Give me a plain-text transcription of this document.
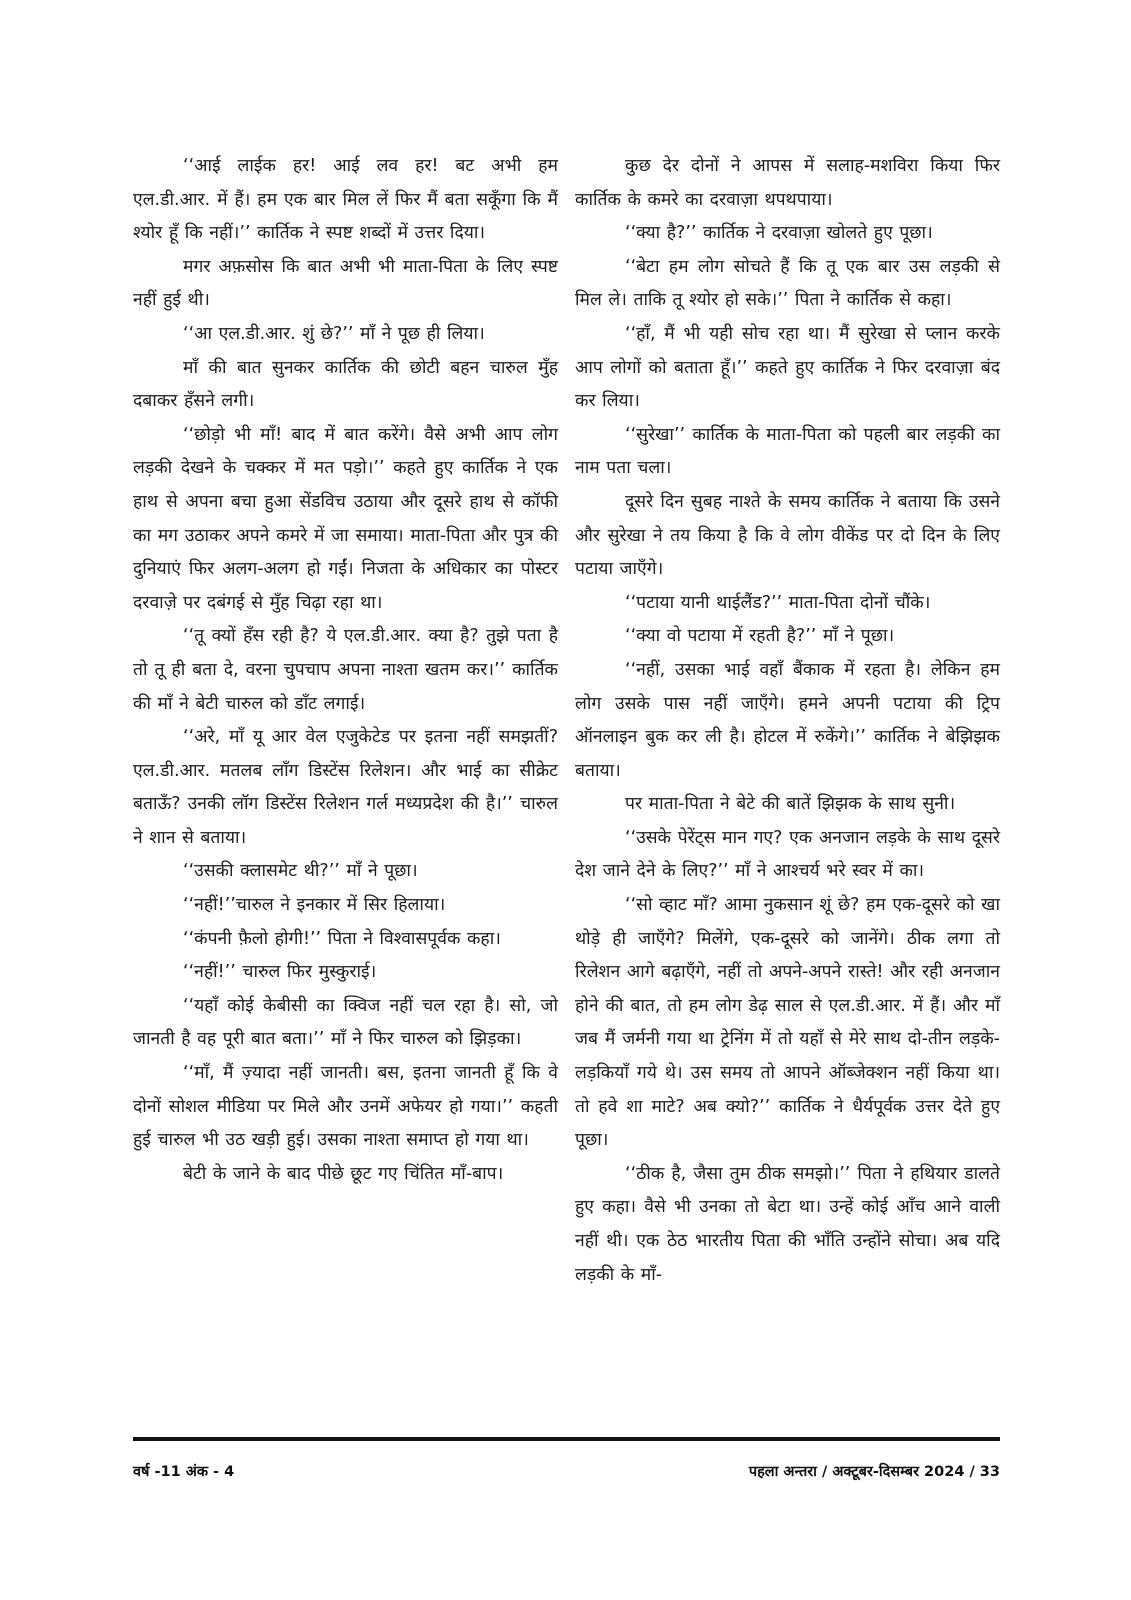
‘‘आई लाईक हर! आई लव हर! बट अभी हम एल.डी.आर. में हैं। हम एक बार मिल लें फिर मैं बता सकूँगा कि मैं श्योर हूँ कि नहीं।’’ कार्तिक ने स्पष्ट शब्दों में उत्तर दिया।

मगर अफ़सोस कि बात अभी भी माता-पिता के लिए स्पष्ट नहीं हुई थी।

‘‘आ एल.डी.आर. शुं छे?’’ माँ ने पूछ ही लिया।

माँ की बात सुनकर कार्तिक की छोटी बहन चारुल मुँह दबाकर हँसने लगी।

‘‘छोड़ो भी माँ! बाद में बात करेंगे। वैसे अभी आप लोग लड़की देखने के चक्कर में मत पड़ो।’’ कहते हुए कार्तिक ने एक हाथ से अपना बचा हुआ सेंडविच उठाया और दूसरे हाथ से कॉफी का मग उठाकर अपने कमरे में जा समाया। माता-पिता और पुत्र की दुनियाएं फिर अलग-अलग हो गईं। निजता के अधिकार का पोस्टर दरवाज़े पर दबंगई से मुँह चिढ़ा रहा था।

‘‘तू क्यों हँस रही है? ये एल.डी.आर. क्या है? तुझे पता है तो तू ही बता दे, वरना चुपचाप अपना नाश्ता खतम कर।’’ कार्तिक की माँ ने बेटी चारुल को डाँट लगाई।

‘‘अरे, माँ यू आर वेल एजुकेटेड पर इतना नहीं समझतीं? एल.डी.आर. मतलब लाँग डिस्टेंस रिलेशन। और भाई का सीक्रेट बताऊँ? उनकी लॉग डिस्टेंस रिलेशन गर्ल मध्यप्रदेश की है।’’ चारुल ने शान से बताया।

‘‘उसकी क्लासमेट थी?’’ माँ ने पूछा।

‘‘नहीं!’’चारुल ने इनकार में सिर हिलाया।

‘‘कंपनी फ़ैलो होगी!’’ पिता ने विश्वासपूर्वक कहा।

‘‘नहीं!’’ चारुल फिर मुस्कुराई।

‘‘यहाँ कोई केबीसी का क्विज नहीं चल रहा है। सो, जो जानती है वह पूरी बात बता।’’ माँ ने फिर चारुल को झिड़का।

‘‘माँ, मैं ज़्यादा नहीं जानती। बस, इतना जानती हूँ कि वे दोनों सोशल मीडिया पर मिले और उनमें अफेयर हो गया।’’ कहती हुई चारुल भी उठ खड़ी हुई। उसका नाश्ता समाप्त हो गया था।

बेटी के जाने के बाद पीछे छूट गए चिंतित माँ-बाप।

कुछ देर दोनों ने आपस में सलाह-मशविरा किया फिर कार्तिक के कमरे का दरवाज़ा थपथपाया।

‘‘क्या है?’’ कार्तिक ने दरवाज़ा खोलते हुए पूछा।

‘‘बेटा हम लोग सोचते हैं कि तू एक बार उस लड़की से मिल ले। ताकि तू श्योर हो सके।’’ पिता ने कार्तिक से कहा।

‘‘हाँ, मैं भी यही सोच रहा था। मैं सुरेखा से प्लान करके आप लोगों को बताता हूँ।’’ कहते हुए कार्तिक ने फिर दरवाज़ा बंद कर लिया।

‘‘सुरेखा’’ कार्तिक के माता-पिता को पहली बार लड़की का नाम पता चला।

दूसरे दिन सुबह नाश्ते के समय कार्तिक ने बताया कि उसने और सुरेखा ने तय किया है कि वे लोग वीकेंड पर दो दिन के लिए पटाया जाएँगे।

‘‘पटाया यानी थाईलैंड?’’ माता-पिता दोनों चौंके।

‘‘क्या वो पटाया में रहती है?’’ माँ ने पूछा।

‘‘नहीं, उसका भाई वहाँ बैंकाक में रहता है। लेकिन हम लोग उसके पास नहीं जाएँगे। हमने अपनी पटाया की ट्रिप ऑनलाइन बुक कर ली है। होटल में रुकेंगे।’’ कार्तिक ने बेझिझक बताया।

पर माता-पिता ने बेटे की बातें झिझक के साथ सुनी।

‘‘उसके पेरेंट्स मान गए? एक अनजान लड़के के साथ दूसरे देश जाने देने के लिए?’’ माँ ने आश्चर्य भरे स्वर में का।

‘‘सो व्हाट माँ? आमा नुकसान शूं छे? हम एक-दूसरे को खा थोड़े ही जाएँगे? मिलेंगे, एक-दूसरे को जानेंगे। ठीक लगा तो रिलेशन आगे बढ़ाएँगे, नहीं तो अपने-अपने रास्ते! और रही अनजान होने की बात, तो हम लोग डेढ़ साल से एल.डी.आर. में हैं। और माँ जब मैं जर्मनी गया था ट्रेनिंग में तो यहाँ से मेरे साथ दो-तीन लड़के-लड़कियाँ गये थे। उस समय तो आपने ऑब्जेक्शन नहीं किया था। तो हवे शा माटे? अब क्यो?’’ कार्तिक ने धैर्यपूर्वक उत्तर देते हुए पूछा।

‘‘ठीक है, जैसा तुम ठीक समझो।’’ पिता ने हथियार डालते हुए कहा। वैसे भी उनका तो बेटा था। उन्हें कोई आँच आने वाली नहीं थी। एक ठेठ भारतीय पिता की भाँति उन्होंने सोचा। अब यदि लड़की के माँ-

वर्ष -11 अंक - 4	पहला अन्तरा / अक्टूबर-दिसम्बर 2024 / 33
